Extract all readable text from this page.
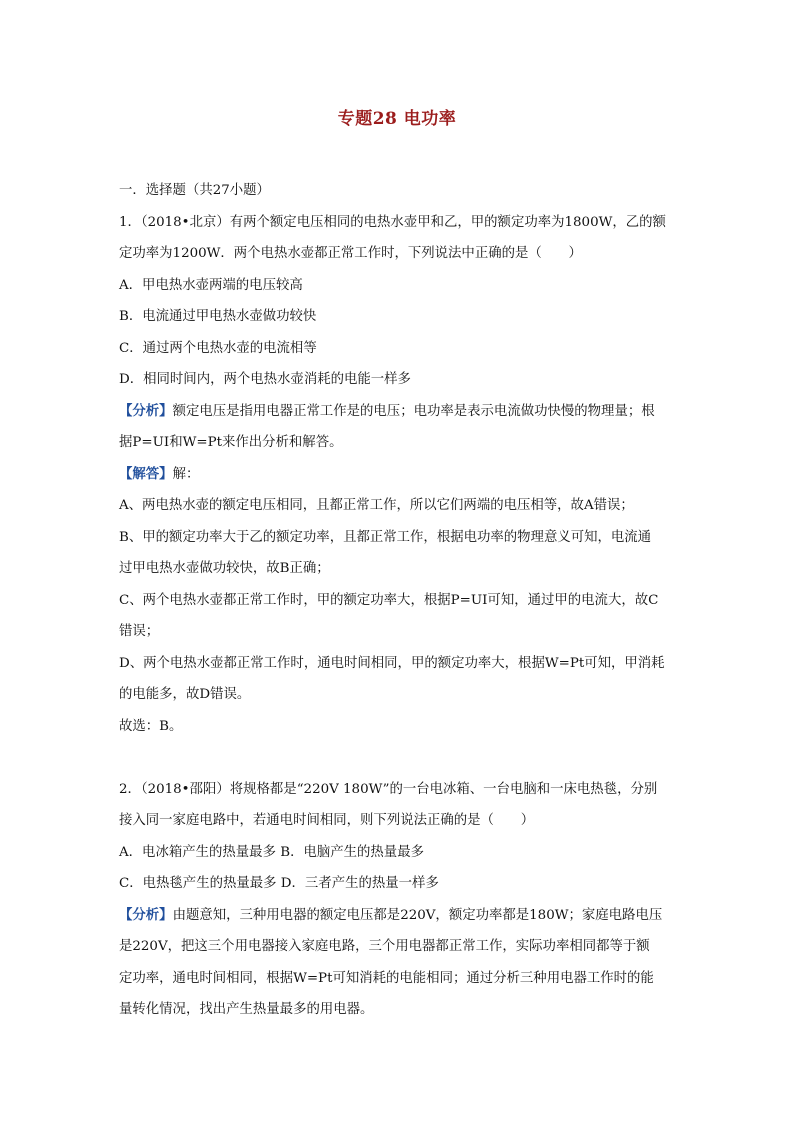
专题28 电功率
一．选择题（共27小题）
1．（2018•北京）有两个额定电压相同的电热水壶甲和乙，甲的额定功率为1800W，乙的额
定功率为1200W．两个电热水壶都正常工作时，下列说法中正确的是（　　）
A．甲电热水壶两端的电压较高
B．电流通过甲电热水壶做功较快
C．通过两个电热水壶的电流相等
D．相同时间内，两个电热水壶消耗的电能一样多
【分析】额定电压是指用电器正常工作是的电压；电功率是表示电流做功快慢的物理量；根
据P=UI和W=Pt来作出分析和解答。
【解答】解：
A、两电热水壶的额定电压相同，且都正常工作，所以它们两端的电压相等，故A错误；
B、甲的额定功率大于乙的额定功率，且都正常工作，根据电功率的物理意义可知，电流通
过甲电热水壶做功较快，故B正确；
C、两个电热水壶都正常工作时，甲的额定功率大，根据P=UI可知，通过甲的电流大，故C
错误；
D、两个电热水壶都正常工作时，通电时间相同，甲的额定功率大，根据W=Pt可知，甲消耗
的电能多，故D错误。
故选：B。
2．（2018•邵阳）将规格都是“220V 180W”的一台电冰箱、一台电脑和一床电热毯，分别
接入同一家庭电路中，若通电时间相同，则下列说法正确的是（　　）
A．电冰箱产生的热量最多 B．电脑产生的热量最多
C．电热毯产生的热量最多 D．三者产生的热量一样多
【分析】由题意知，三种用电器的额定电压都是220V，额定功率都是180W；家庭电路电压
是220V，把这三个用电器接入家庭电路，三个用电器都正常工作，实际功率相同都等于额
定功率，通电时间相同，根据W=Pt可知消耗的电能相同；通过分析三种用电器工作时的能
量转化情况，找出产生热量最多的用电器。
